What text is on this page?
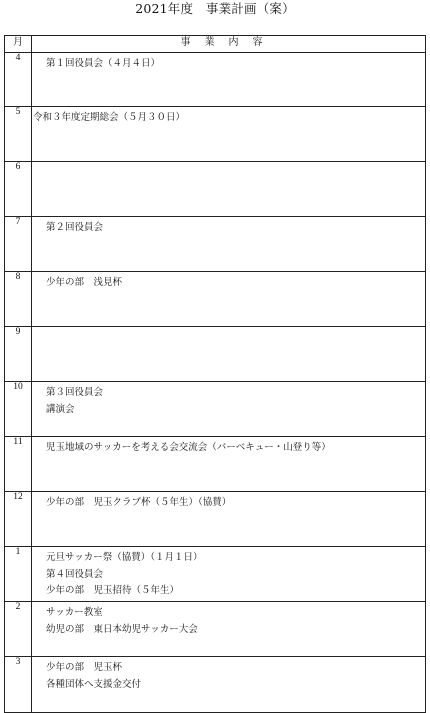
2021年度　事業計画（案）
月	事業内容
4	第１回役員会（４月４日）

5	令和３年度定期総会（５月３０日）

6	

7	第２回役員会

8	少年の部　浅見杯

9	

10	第３回役員会
講演会

11	児玉地域のサッカーを考える会交流会（バーベキュー・山登り等）

12	少年の部　児玉クラブ杯（５年生）（協賛）

1	元旦サッカー祭（協賛）（１月１日）
第４回役員会
少年の部　児玉招待（５年生）

2	サッカー教室
幼児の部　東日本幼児サッカー大会

3	少年の部　児玉杯
各種団体へ支援金交付
